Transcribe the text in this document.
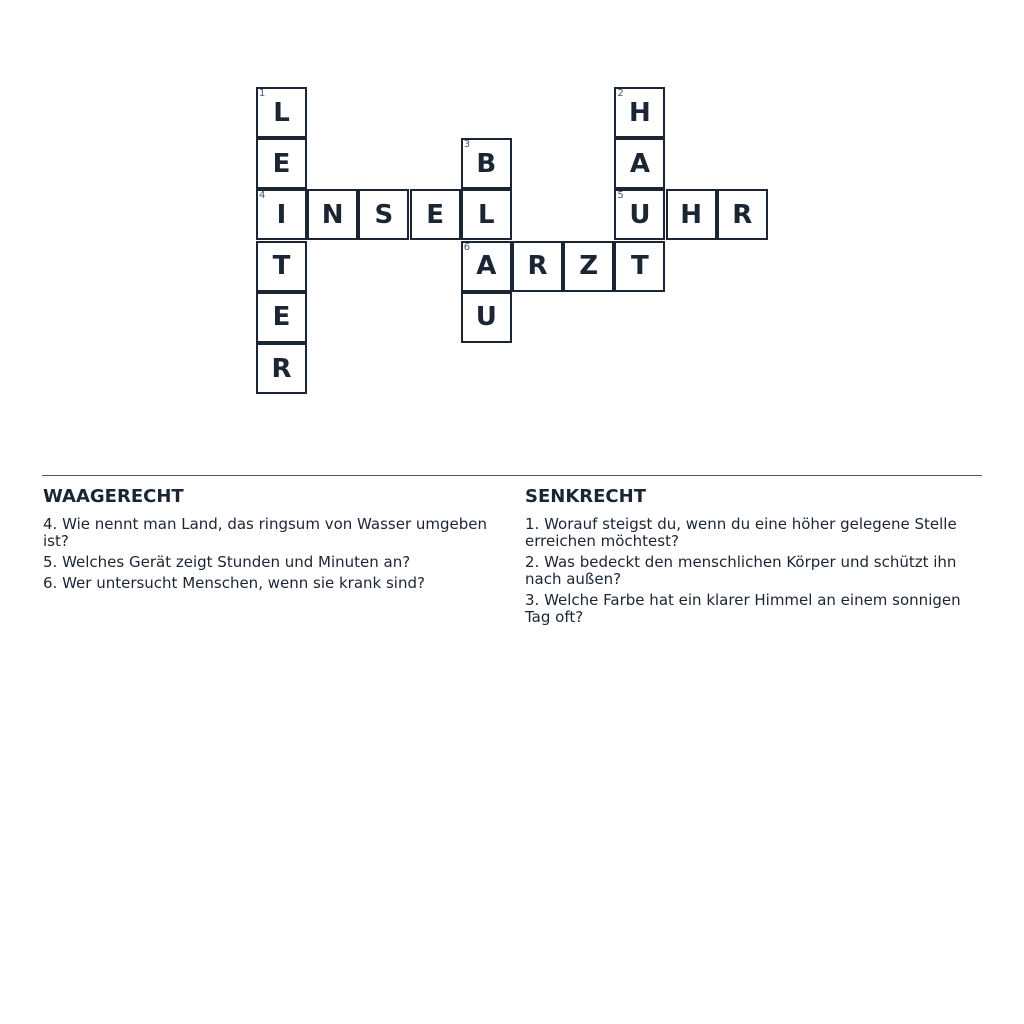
1
L
E
4
I
T
E
R
N	S	E
3
B
L
6
A
U
R	Z
2
H
A
5
U
T
H	R
WAAGERECHT
4. Wie nennt man Land, das ringsum von Wasser umgeben ist?
5. Welches Gerät zeigt Stunden und Minuten an?
6. Wer untersucht Menschen, wenn sie krank sind?
SENKRECHT
1. Worauf steigst du, wenn du eine höher gelegene Stelle erreichen möchtest?
2. Was bedeckt den menschlichen Körper und schützt ihn nach außen?
3. Welche Farbe hat ein klarer Himmel an einem sonnigen Tag oft?
